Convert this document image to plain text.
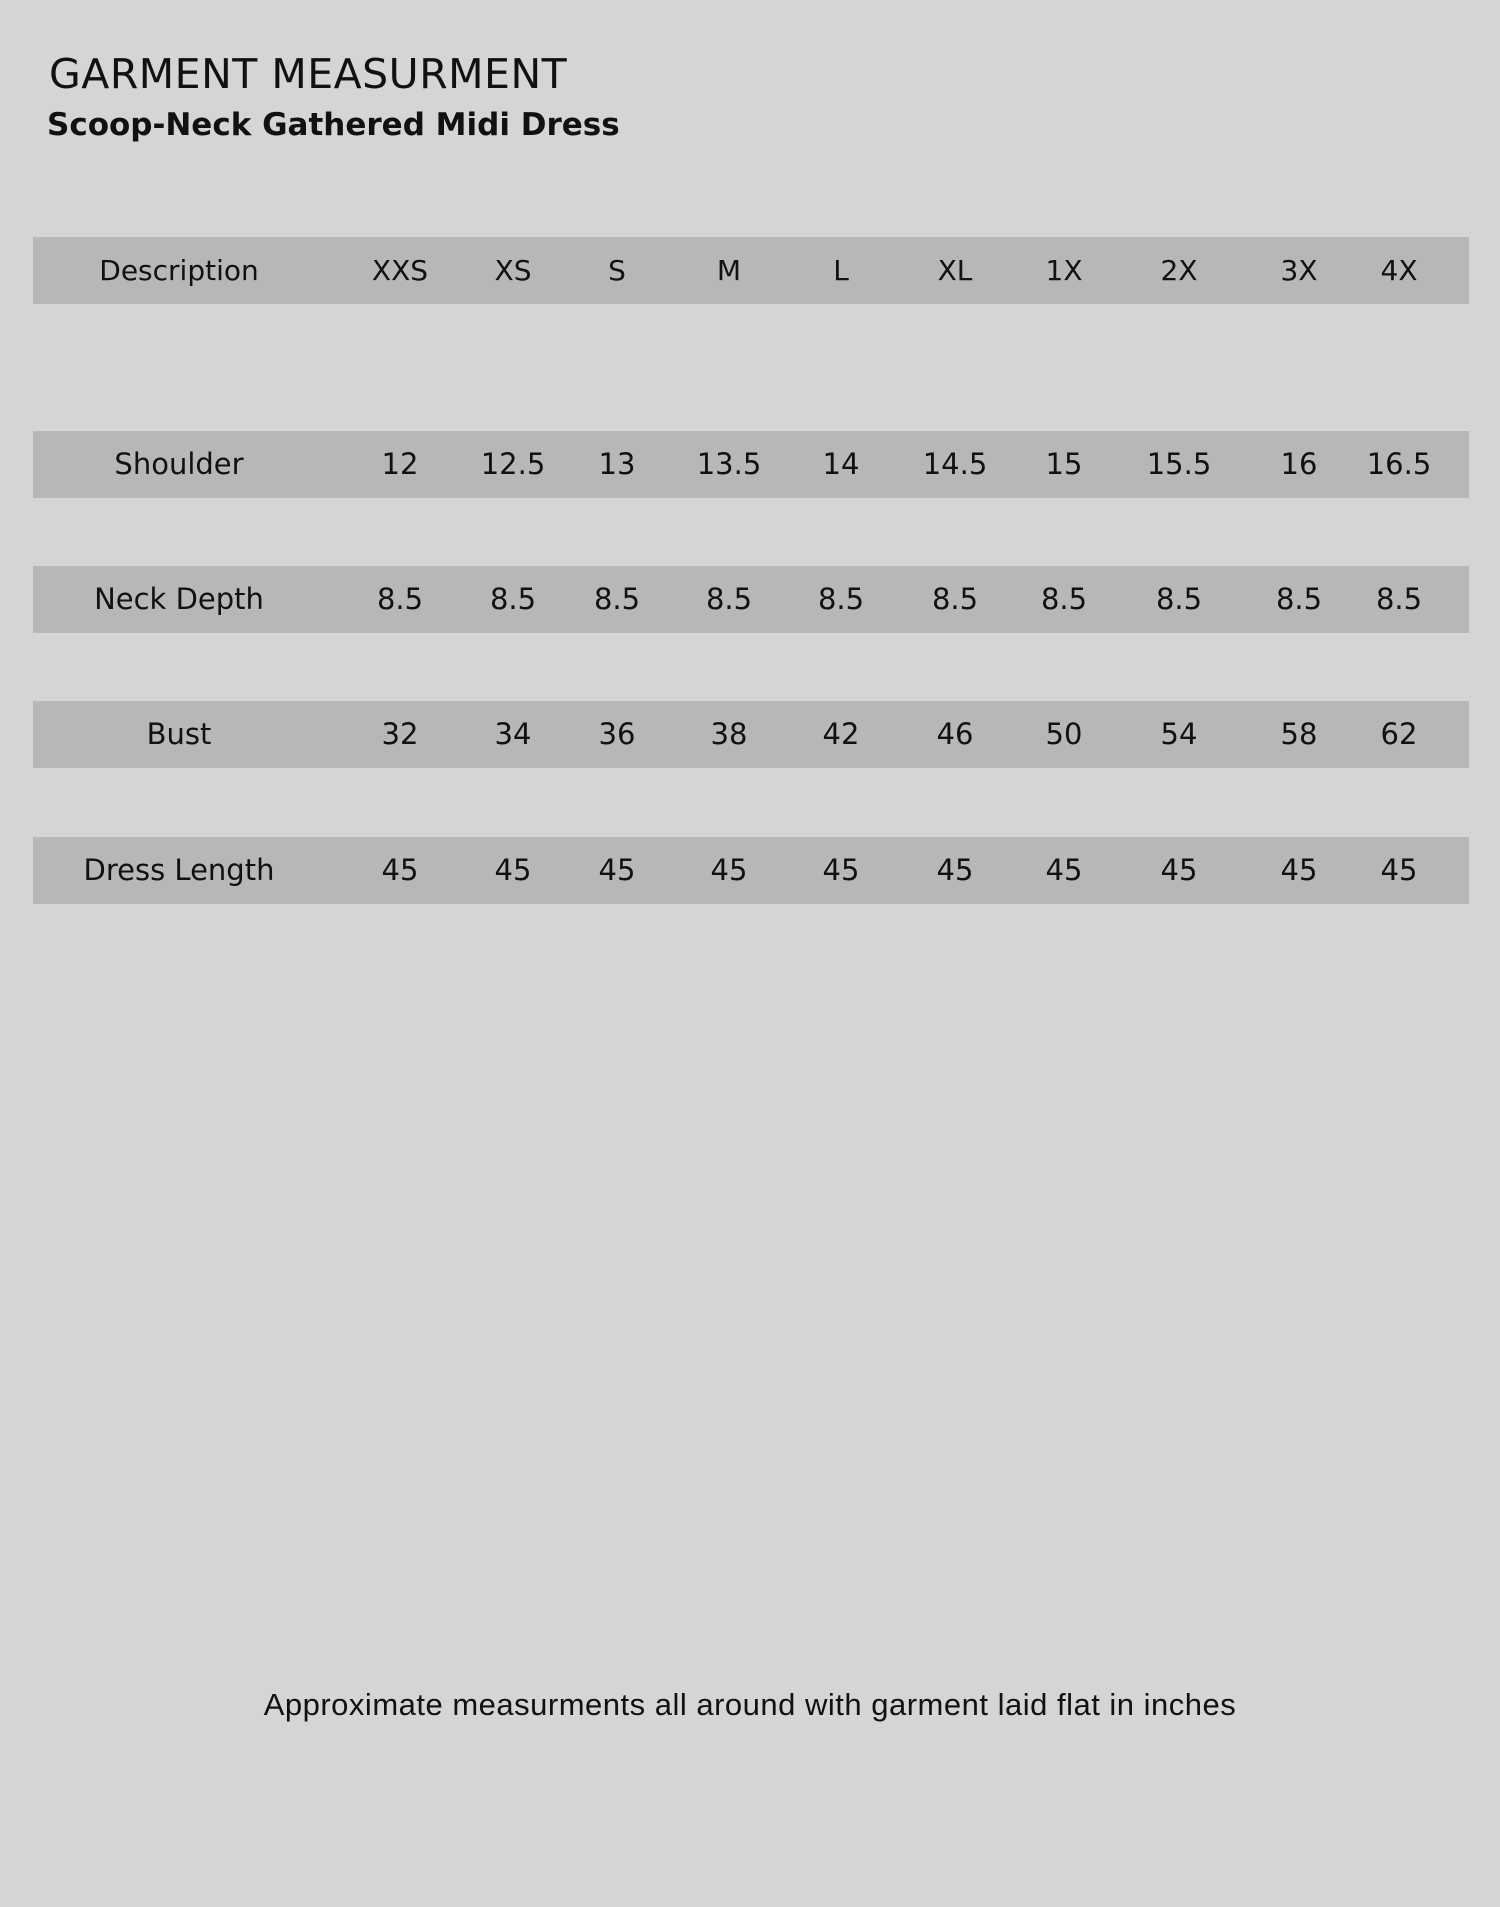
GARMENT MEASURMENT
Scoop-Neck Gathered Midi Dress
Description	XXS	XS	S	M	L	XL	1X	2X	3X	4X
Shoulder	12	12.5	13	13.5	14	14.5	15	15.5	16	16.5
Neck Depth	8.5	8.5	8.5	8.5	8.5	8.5	8.5	8.5	8.5	8.5
Bust	32	34	36	38	42	46	50	54	58	62
Dress Length	45	45	45	45	45	45	45	45	45	45

Approximate measurments all around with garment laid flat in inches
